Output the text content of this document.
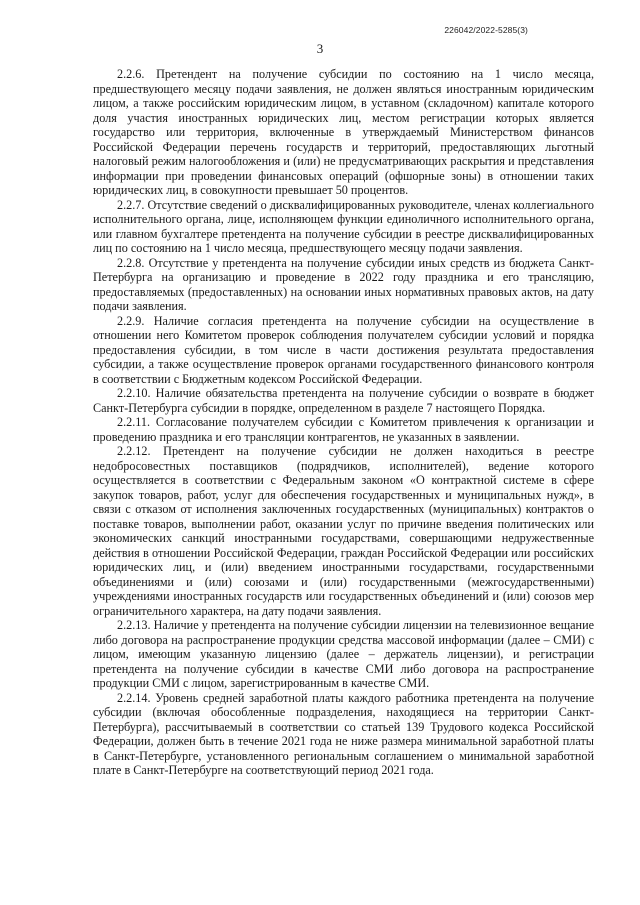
226042/2022-5285(3)
3

2.2.6. Претендент на получение субсидии по состоянию на 1 число месяца, предшествующего месяцу подачи заявления, не должен являться иностранным юридическим лицом, а также российским юридическим лицом, в уставном (складочном) капитале которого доля участия иностранных юридических лиц, местом регистрации которых является государство или территория, включенные в утверждаемый Министерством финансов Российской Федерации перечень государств и территорий, предоставляющих льготный налоговый режим налогообложения и (или) не предусматривающих раскрытия и представления информации при проведении финансовых операций (офшорные зоны) в отношении таких юридических лиц, в совокупности превышает 50 процентов.

2.2.7. Отсутствие сведений о дисквалифицированных руководителе, членах коллегиального исполнительного органа, лице, исполняющем функции единоличного исполнительного органа, или главном бухгалтере претендента на получение субсидии в реестре дисквалифицированных лиц по состоянию на 1 число месяца, предшествующего месяцу подачи заявления.

2.2.8. Отсутствие у претендента на получение субсидии иных средств из бюджета Санкт-Петербурга на организацию и проведение в 2022 году праздника и его трансляцию, предоставляемых (предоставленных) на основании иных нормативных правовых актов, на дату подачи заявления.

2.2.9. Наличие согласия претендента на получение субсидии на осуществление в отношении него Комитетом проверок соблюдения получателем субсидии условий и порядка предоставления субсидии, в том числе в части достижения результата предоставления субсидии, а также осуществление проверок органами государственного финансового контроля в соответствии с Бюджетным кодексом Российской Федерации.

2.2.10. Наличие обязательства претендента на получение субсидии о возврате в бюджет Санкт-Петербурга субсидии в порядке, определенном в разделе 7 настоящего Порядка.

2.2.11. Согласование получателем субсидии с Комитетом привлечения к организации и проведению праздника и его трансляции контрагентов, не указанных в заявлении.

2.2.12. Претендент на получение субсидии не должен находиться в реестре недобросовестных поставщиков (подрядчиков, исполнителей), ведение которого осуществляется в соответствии с Федеральным законом «О контрактной системе в сфере закупок товаров, работ, услуг для обеспечения государственных и муниципальных нужд», в связи с отказом от исполнения заключенных государственных (муниципальных) контрактов о поставке товаров, выполнении работ, оказании услуг по причине введения политических или экономических санкций иностранными государствами, совершающими недружественные действия в отношении Российской Федерации, граждан Российской Федерации или российских юридических лиц, и (или) введением иностранными государствами, государственными объединениями и (или) союзами и (или) государственными (межгосударственными) учреждениями иностранных государств или государственных объединений и (или) союзов мер ограничительного характера, на дату подачи заявления.

2.2.13. Наличие у претендента на получение субсидии лицензии на телевизионное вещание либо договора на распространение продукции средства массовой информации (далее – СМИ) с лицом, имеющим указанную лицензию (далее – держатель лицензии), и регистрации претендента на получение субсидии в качестве СМИ либо договора на распространение продукции СМИ с лицом, зарегистрированным в качестве СМИ.

2.2.14. Уровень средней заработной платы каждого работника претендента на получение субсидии (включая обособленные подразделения, находящиеся на территории Санкт-Петербурга), рассчитываемый в соответствии со статьей 139 Трудового кодекса Российской Федерации, должен быть в течение 2021 года не ниже размера минимальной заработной платы в Санкт-Петербурге, установленного региональным соглашением о минимальной заработной плате в Санкт-Петербурге на соответствующий период 2021 года.
